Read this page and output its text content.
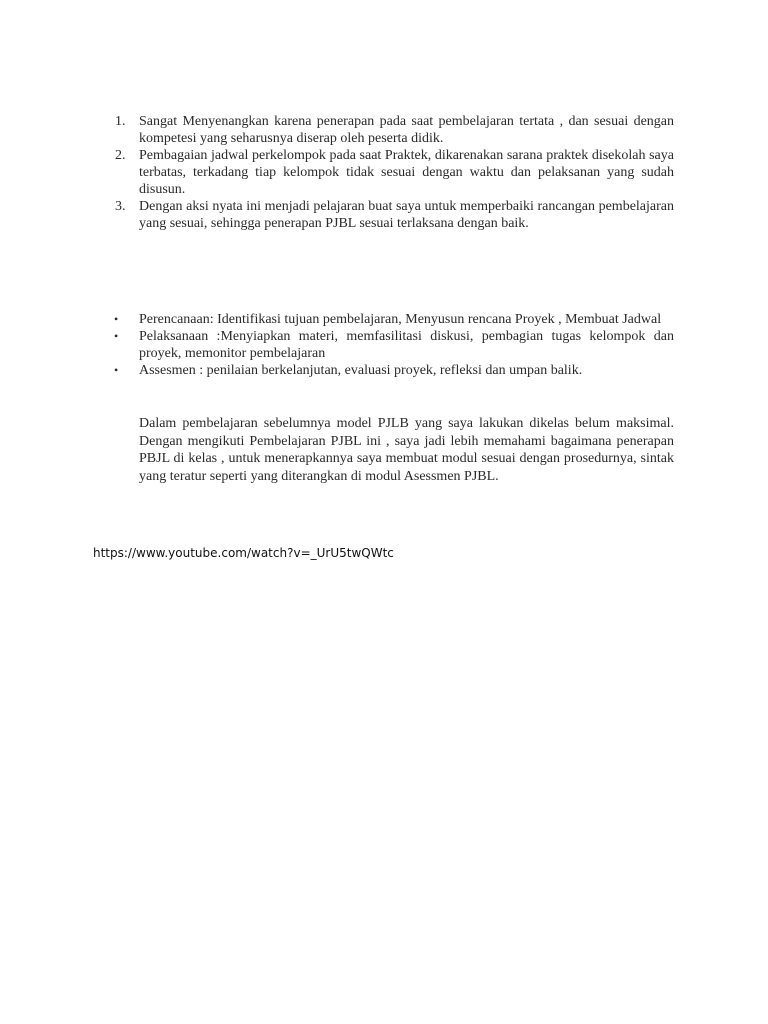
1. Sangat Menyenangkan karena penerapan pada saat pembelajaran tertata , dan sesuai dengan kompetesi yang seharusnya diserap oleh peserta didik.
2. Pembagaian jadwal perkelompok pada saat Praktek, dikarenakan sarana praktek disekolah saya terbatas, terkadang tiap kelompok tidak sesuai dengan waktu dan pelaksanan yang sudah disusun.
3. Dengan aksi nyata ini menjadi pelajaran buat saya untuk memperbaiki rancangan pembelajaran yang sesuai, sehingga penerapan PJBL sesuai terlaksana dengan baik.
• Perencanaan: Identifikasi tujuan pembelajaran, Menyusun rencana Proyek , Membuat Jadwal
• Pelaksanaan :Menyiapkan materi, memfasilitasi diskusi, pembagian tugas kelompok dan proyek, memonitor pembelajaran
• Assesmen : penilaian berkelanjutan, evaluasi proyek, refleksi dan umpan balik.

Dalam pembelajaran sebelumnya model PJLB yang saya lakukan dikelas belum maksimal. Dengan mengikuti Pembelajaran PJBL ini , saya jadi lebih memahami bagaimana penerapan PBJL di kelas , untuk menerapkannya saya membuat modul sesuai dengan prosedurnya, sintak yang teratur seperti yang diterangkan di modul Asessmen PJBL.

https://www.youtube.com/watch?v=_UrU5twQWtc
